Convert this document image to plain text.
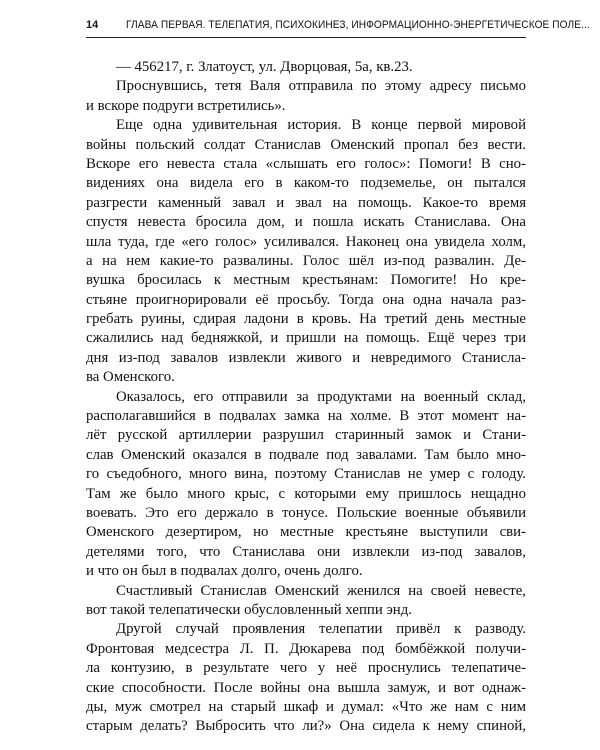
14	ГЛАВА ПЕРВАЯ. ТЕЛЕПАТИЯ, ПСИХОКИНЕЗ, ИНФОРМАЦИОННО-ЭНЕРГЕТИЧЕСКОЕ ПОЛЕ...
— 456217, г. Златоуст, ул. Дворцовая, 5а, кв.23.
Проснувшись, тетя Валя отправила по этому адресу письмо
и вскоре подруги встретились».
Еще одна удивительная история. В конце первой мировой
войны польский солдат Станислав Оменский пропал без вести.
Вскоре его невеста стала «слышать его голос»: Помоги! В сно-
видениях она видела его в каком-то подземелье, он пытался
разгрести каменный завал и звал на помощь. Какое-то время
спустя невеста бросила дом, и пошла искать Станислава. Она
шла туда, где «его голос» усиливался. Наконец она увидела холм,
а на нем какие-то развалины. Голос шёл из-под развалин. Де-
вушка бросилась к местным крестьянам: Помогите! Но кре-
стьяне проигнорировали её просьбу. Тогда она одна начала раз-
гребать руины, сдирая ладони в кровь. На третий день местные
сжалились над бедняжкой, и пришли на помощь. Ещё через три
дня из-под завалов извлекли живого и невредимого Станисла-
ва Оменского.
Оказалось, его отправили за продуктами на военный склад,
располагавшийся в подвалах замка на холме. В этот момент на-
лёт русской артиллерии разрушил старинный замок и Стани-
слав Оменский оказался в подвале под завалами. Там было мно-
го съедобного, много вина, поэтому Станислав не умер с голоду.
Там же было много крыс, с которыми ему пришлось нещадно
воевать. Это его держало в тонусе. Польские военные объявили
Оменского дезертиром, но местные крестьяне выступили сви-
детелями того, что Станислава они извлекли из-под завалов,
и что он был в подвалах долго, очень долго.
Счастливый Станислав Оменский женился на своей невесте,
вот такой телепатически обусловленный хеппи энд.
Другой случай проявления телепатии привёл к разводу.
Фронтовая медсестра Л. П. Дюкарева под бомбёжкой получи-
ла контузию, в результате чего у неё проснулись телепатиче-
ские способности. После войны она вышла замуж, и вот однаж-
ды, муж смотрел на старый шкаф и думал: «Что же нам с ним
старым делать? Выбросить что ли?» Она сидела к нему спиной,
